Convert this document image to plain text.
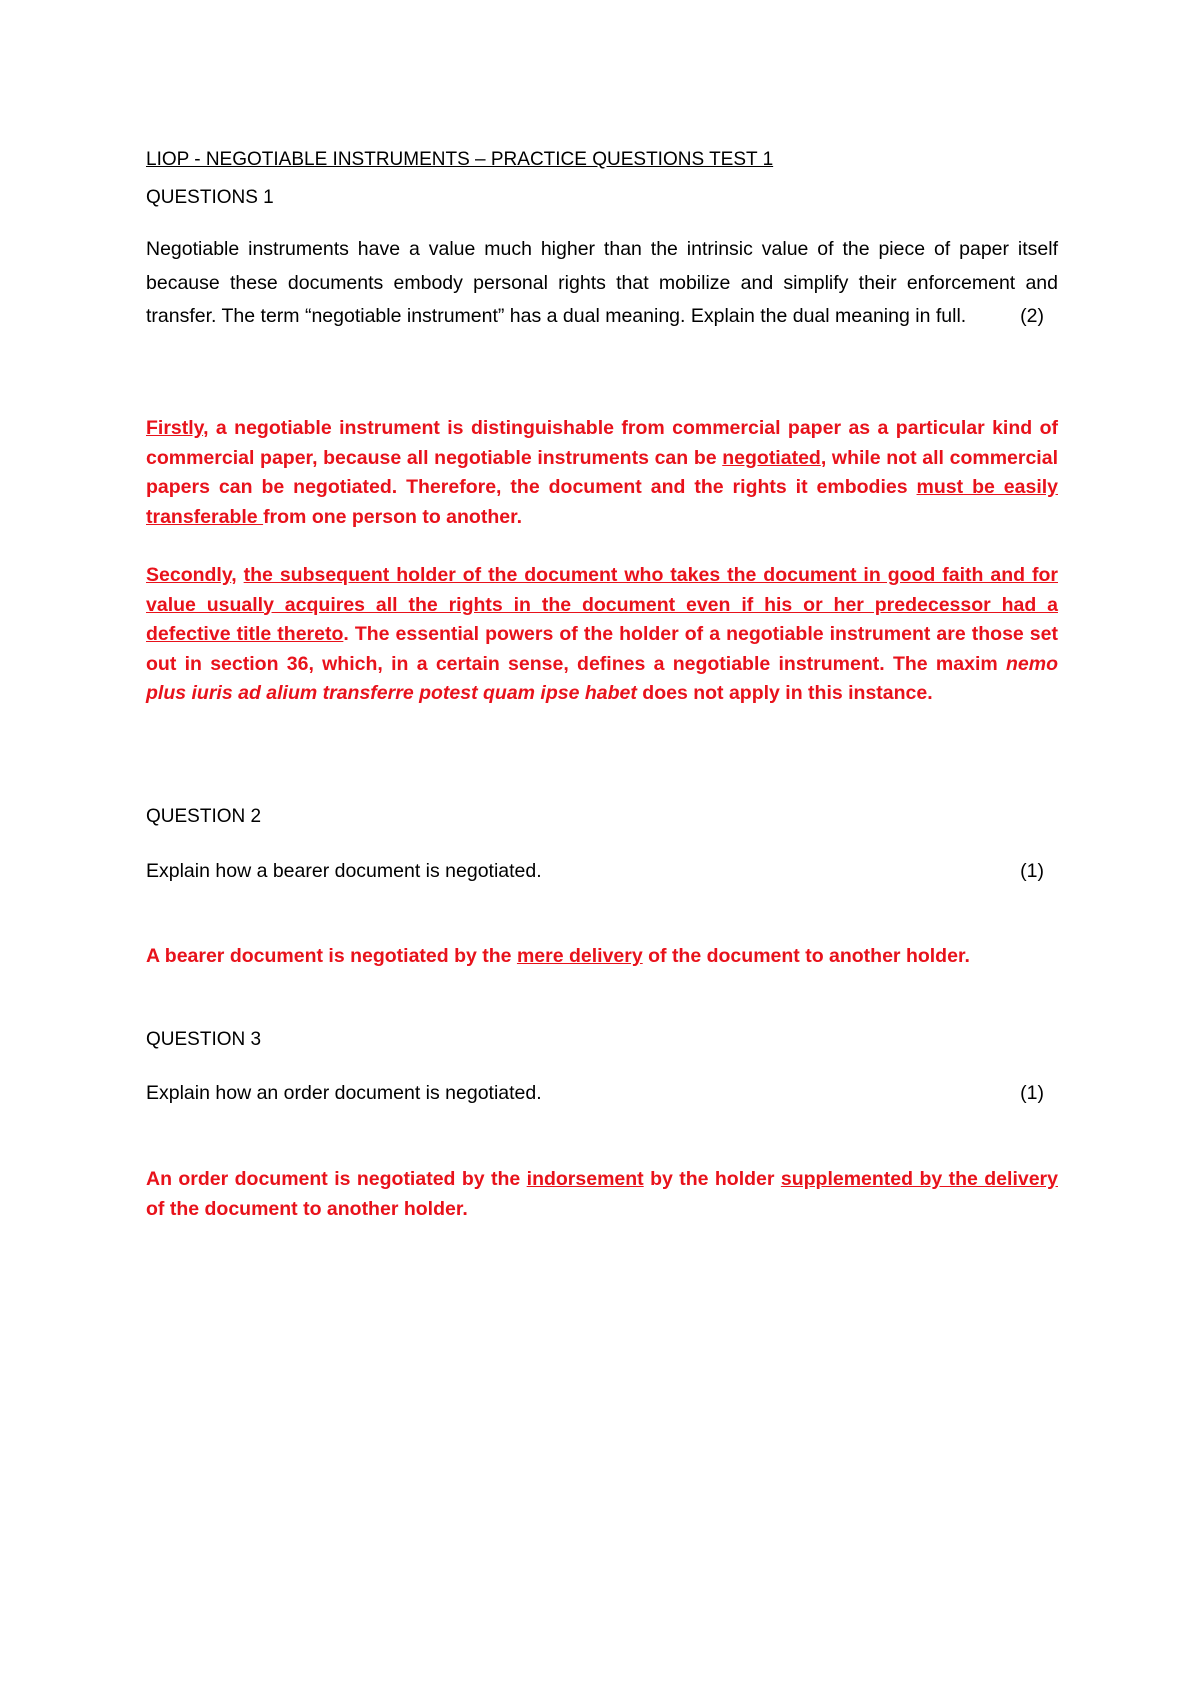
LIOP - NEGOTIABLE INSTRUMENTS – PRACTICE QUESTIONS TEST 1
QUESTIONS 1

Negotiable instruments have a value much higher than the intrinsic value of the piece of paper itself because these documents embody personal rights that mobilize and simplify their enforcement and transfer. The term “negotiable instrument” has a dual meaning. Explain the dual meaning in full.	(2)

Firstly, a negotiable instrument is distinguishable from commercial paper as a particular kind of commercial paper, because all negotiable instruments can be negotiated, while not all commercial papers can be negotiated. Therefore, the document and the rights it embodies must be easily transferable from one person to another.

Secondly, the subsequent holder of the document who takes the document in good faith and for value usually acquires all the rights in the document even if his or her predecessor had a defective title thereto. The essential powers of the holder of a negotiable instrument are those set out in section 36, which, in a certain sense, defines a negotiable instrument. The maxim nemo plus iuris ad alium transferre potest quam ipse habet does not apply in this instance.

QUESTION 2

Explain how a bearer document is negotiated.	(1)

A bearer document is negotiated by the mere delivery of the document to another holder.

QUESTION 3

Explain how an order document is negotiated.	(1)

An order document is negotiated by the indorsement by the holder supplemented by the delivery of the document to another holder.
